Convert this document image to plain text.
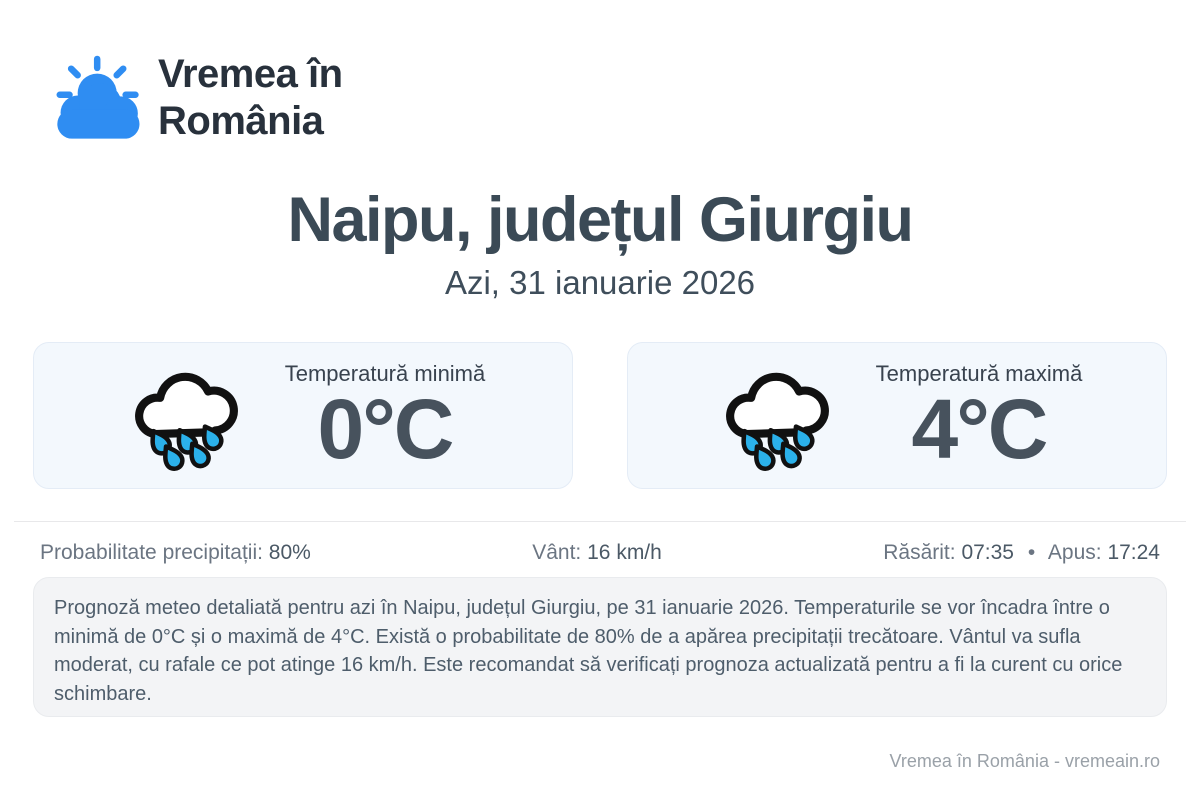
Vremea în
România
Naipu, județul Giurgiu
Azi, 31 ianuarie 2026
Temperatură minimă
0°C
Temperatură maximă
4°C
Probabilitate precipitații: 80%	Vânt: 16 km/h	Răsărit: 07:35 • Apus: 17:24
Prognoză meteo detaliată pentru azi în Naipu, județul Giurgiu, pe 31 ianuarie 2026. Temperaturile se vor încadra între o minimă de 0°C și o maximă de 4°C. Există o probabilitate de 80% de a apărea precipitații trecătoare. Vântul va sufla moderat, cu rafale ce pot atinge 16 km/h. Este recomandat să verificați prognoza actualizată pentru a fi la curent cu orice schimbare.
Vremea în România - vremeain.ro
